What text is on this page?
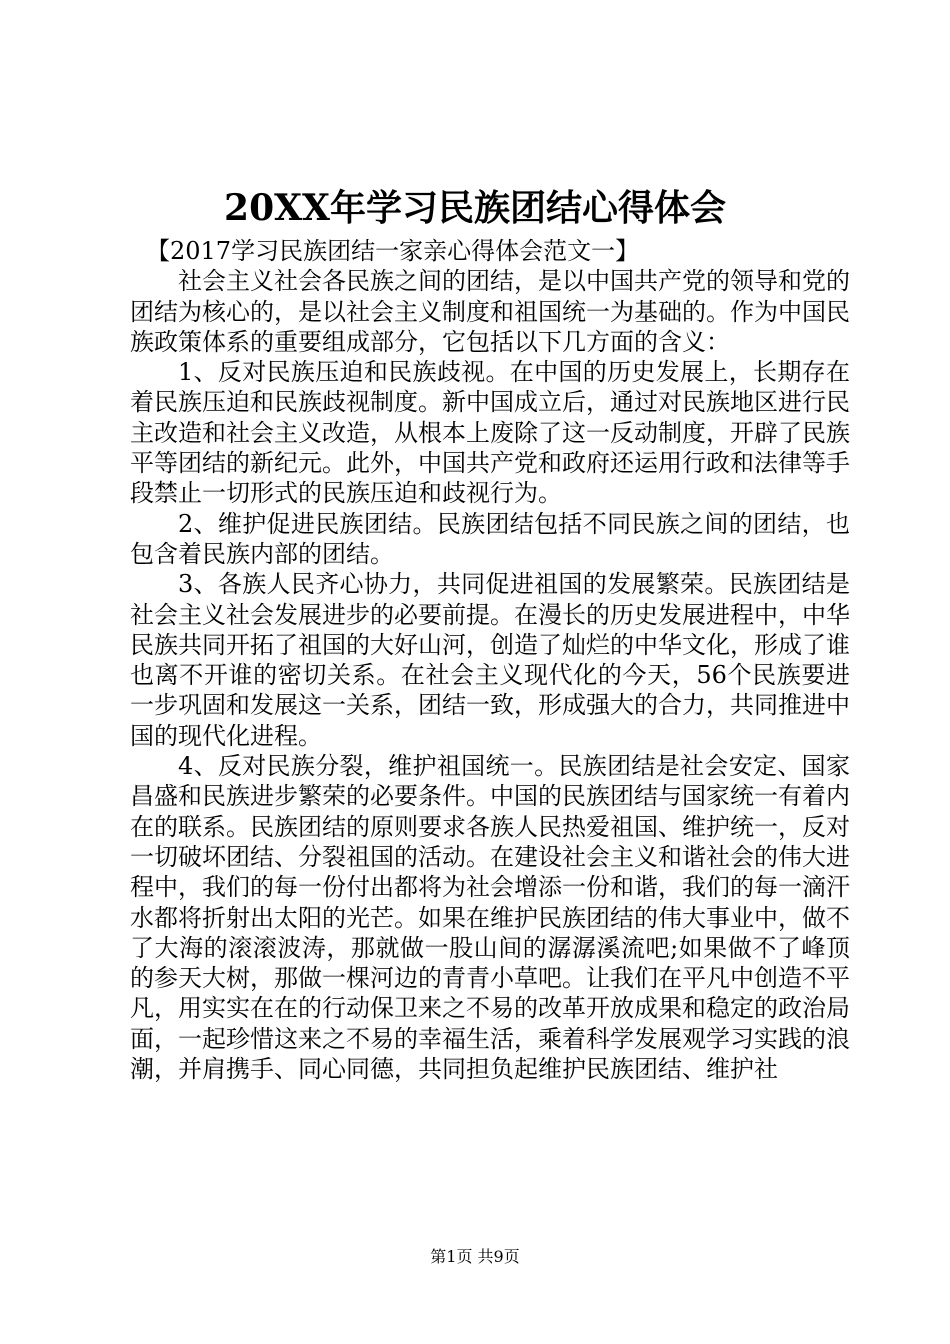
20XX年学习民族团结心得体会

【2017学习民族团结一家亲心得体会范文一】

社会主义社会各民族之间的团结，是以中国共产党的领导和党的团结为核心的，是以社会主义制度和祖国统一为基础的。作为中国民族政策体系的重要组成部分，它包括以下几方面的含义：

1、反对民族压迫和民族歧视。在中国的历史发展上，长期存在着民族压迫和民族歧视制度。新中国成立后，通过对民族地区进行民主改造和社会主义改造，从根本上废除了这一反动制度，开辟了民族平等团结的新纪元。此外，中国共产党和政府还运用行政和法律等手段禁止一切形式的民族压迫和歧视行为。

2、维护促进民族团结。民族团结包括不同民族之间的团结，也包含着民族内部的团结。

3、各族人民齐心协力，共同促进祖国的发展繁荣。民族团结是社会主义社会发展进步的必要前提。在漫长的历史发展进程中，中华民族共同开拓了祖国的大好山河，创造了灿烂的中华文化，形成了谁也离不开谁的密切关系。在社会主义现代化的今天，56个民族要进一步巩固和发展这一关系，团结一致，形成强大的合力，共同推进中国的现代化进程。

4、反对民族分裂，维护祖国统一。民族团结是社会安定、国家昌盛和民族进步繁荣的必要条件。中国的民族团结与国家统一有着内在的联系。民族团结的原则要求各族人民热爱祖国、维护统一，反对一切破坏团结、分裂祖国的活动。在建设社会主义和谐社会的伟大进程中，我们的每一份付出都将为社会增添一份和谐，我们的每一滴汗水都将折射出太阳的光芒。如果在维护民族团结的伟大事业中，做不了大海的滚滚波涛，那就做一股山间的潺潺溪流吧;如果做不了峰顶的参天大树，那做一棵河边的青青小草吧。让我们在平凡中创造不平凡，用实实在在的行动保卫来之不易的改革开放成果和稳定的政治局面，一起珍惜这来之不易的幸福生活，乘着科学发展观学习实践的浪潮，并肩携手、同心同德，共同担负起维护民族团结、维护社

第1页 共9页
